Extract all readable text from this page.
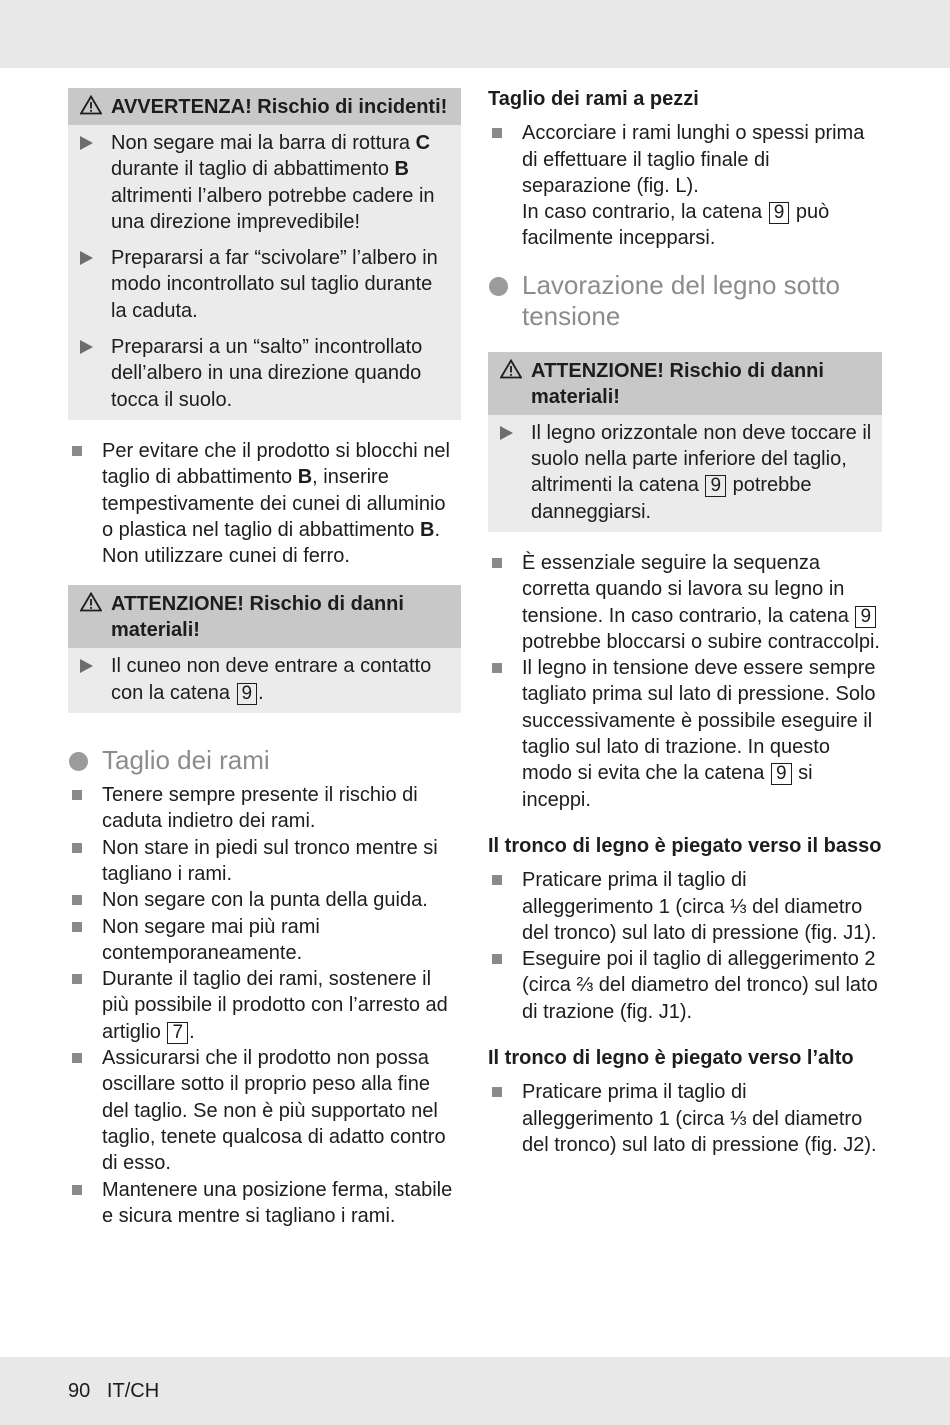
AVVERTENZA! Rischio di incidenti!
Non segare mai la barra di rottura C durante il taglio di abbattimento B altrimenti l’albero potrebbe cadere in una direzione imprevedibile!
Prepararsi a far “scivolare” l’albero in modo incontrollato sul taglio durante la caduta.
Prepararsi a un “salto” incontrollato dell’albero in una direzione quando tocca il suolo.
Per evitare che il prodotto si blocchi nel taglio di abbattimento B, inserire tempestivamente dei cunei di alluminio o plastica nel taglio di abbattimento B. Non utilizzare cunei di ferro.
ATTENZIONE! Rischio di danni materiali!
Il cuneo non deve entrare a contatto con la catena 9 .
Taglio dei rami
Tenere sempre presente il rischio di caduta indietro dei rami.
Non stare in piedi sul tronco mentre si tagliano i rami.
Non segare con la punta della guida.
Non segare mai più rami contemporaneamente.
Durante il taglio dei rami, sostenere il più possibile il prodotto con l’arresto ad artiglio 7 .
Assicurarsi che il prodotto non possa oscillare sotto il proprio peso alla fine del taglio. Se non è più supportato nel taglio, tenete qualcosa di adatto contro di esso.
Mantenere una posizione ferma, stabile e sicura mentre si tagliano i rami.
Taglio dei rami a pezzi
Accorciare i rami lunghi o spessi prima di effettuare il taglio finale di separazione (fig. L).
In caso contrario, la catena 9 può facilmente incepparsi.
Lavorazione del legno sotto tensione
ATTENZIONE! Rischio di danni materiali!
Il legno orizzontale non deve toccare il suolo nella parte inferiore del taglio, altrimenti la catena 9 potrebbe danneggiarsi.
È essenziale seguire la sequenza corretta quando si lavora su legno in tensione. In caso contrario, la catena 9 potrebbe bloccarsi o subire contraccolpi.
Il legno in tensione deve essere sempre tagliato prima sul lato di pressione. Solo successivamente è possibile eseguire il taglio sul lato di trazione. In questo modo si evita che la catena 9 si inceppi.
Il tronco di legno è piegato verso il basso
Praticare prima il taglio di alleggerimento 1 (circa ⅓ del diametro del tronco) sul lato di pressione (fig. J1).
Eseguire poi il taglio di alleggerimento 2 (circa ⅔ del diametro del tronco) sul lato di trazione (fig. J1).
Il tronco di legno è piegato verso l’alto
Praticare prima il taglio di alleggerimento 1 (circa ⅓ del diametro del tronco) sul lato di pressione (fig. J2).
90 IT/CH
